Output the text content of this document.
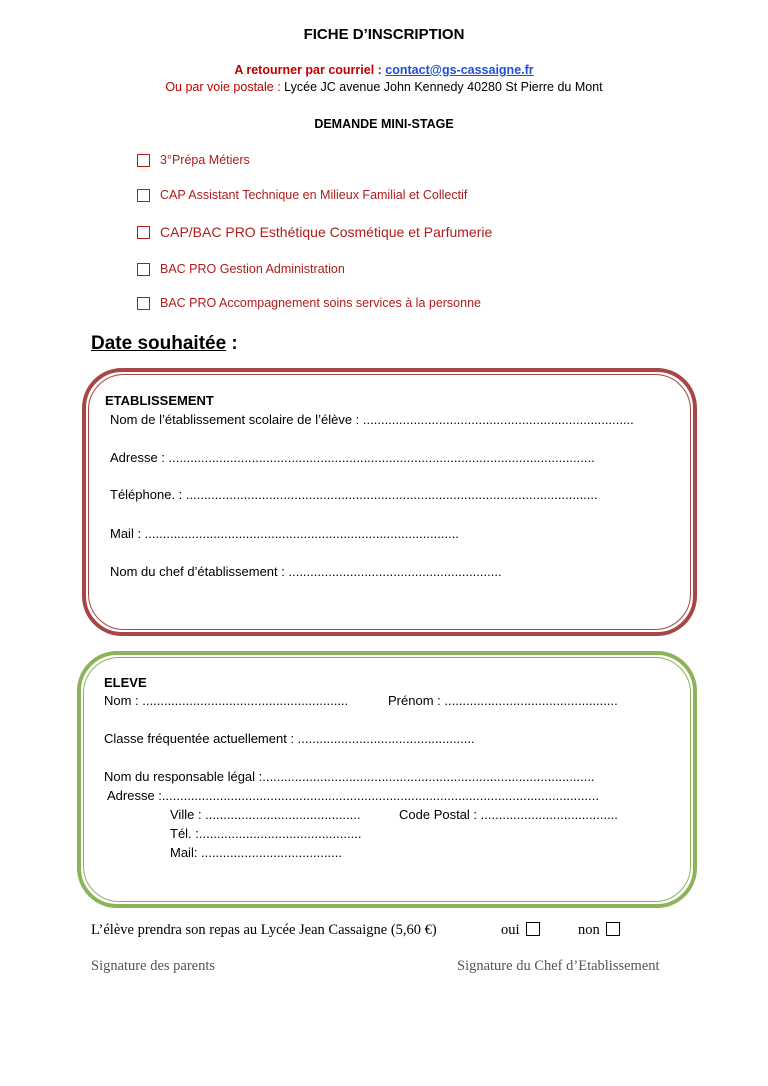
FICHE D’INSCRIPTION
A retourner par courriel : contact@gs-cassaigne.fr
Ou par voie postale : Lycée JC avenue John Kennedy 40280 St Pierre du Mont
DEMANDE MINI-STAGE
3°Prépa Métiers
CAP Assistant Technique en Milieux Familial et Collectif
CAP/BAC PRO Esthétique Cosmétique et Parfumerie
BAC PRO Gestion Administration
BAC PRO Accompagnement soins services à la personne
Date souhaitée :
ETABLISSEMENT
Nom de l’établissement scolaire de l’élève : ...........................................................................
Adresse : ......................................................................................................................
Téléphone. : ..................................................................................................................
Mail : .......................................................................................
Nom du chef d’établissement : ...........................................................
ELEVE
Nom : .........................................................	Prénom : ................................................
Classe fréquentée actuellement : .................................................
Nom du responsable légal :............................................................................................
Adresse :.........................................................................................................................
Ville : ...........................................	Code Postal : ......................................
Tél. :.............................................
Mail: .......................................
L’élève prendra son repas au Lycée Jean Cassaigne (5,60 €)	oui	non
Signature des parents	Signature du Chef d’Etablissement
